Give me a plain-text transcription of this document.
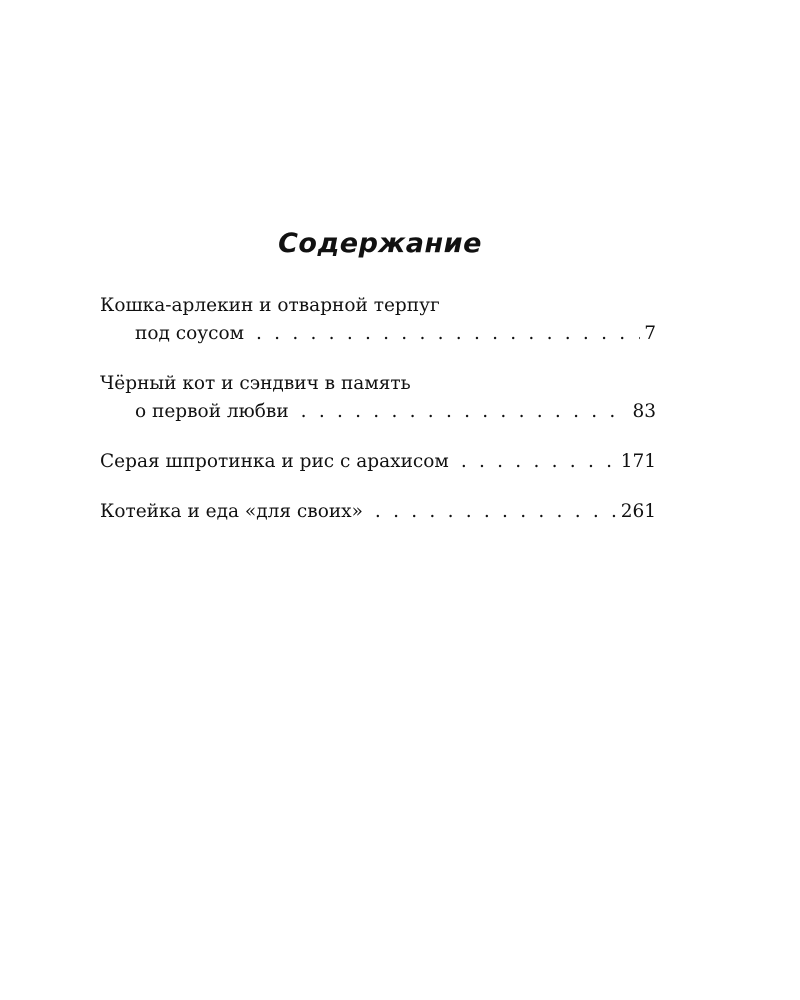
Содержание
Кошка-арлекин и отварной терпуг
под соусом . . .	7
Чёрный кот и сэндвич в память
о первой любви . . .	83
Серая шпротинка и рис с арахисом . . .	171
Котейка и еда «для своих» . . .	261
